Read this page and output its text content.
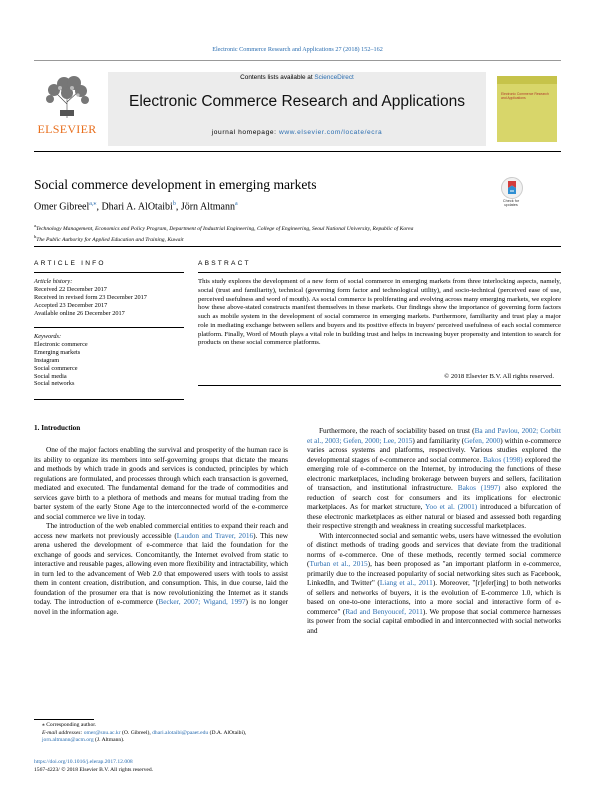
Electronic Commerce Research and Applications 27 (2018) 152–162
ELSEVIER
Contents lists available at ScienceDirect
Electronic Commerce Research and Applications
journal homepage: www.elsevier.com/locate/ecra
Electronic Commerce Research and Applications
Social commerce development in emerging markets
Omer Gibreel$^{a,⁎}$, Dhari A. AlOtaibi$^b$, Jörn Altmann$^a$	Check for updates
$^a$Technology Management, Economics and Policy Program, Department of Industrial Engineering, College of Engineering, Seoul National University, Republic of Korea
$^b$The Public Authority for Applied Education and Training, Kuwait
ARTICLE INFO
Article history:
Received 22 December 2017
Received in revised form 23 December 2017
Accepted 23 December 2017
Available online 26 December 2017
Keywords:
Electronic commerce
Emerging markets
Instagram
Social commerce
Social media
Social networks
ABSTRACT
This study explores the development of a new form of social commerce in emerging markets from three interlocking aspects, namely, social (trust and familiarity), technical (governing form factor and technological utility), and socio-technical (perceived ease of use, perceived usefulness and word of mouth). As social commerce is proliferating and evolving across many emerging markets, we explore how these above-stated constructs manifest themselves in these markets. Our findings show the importance of governing form factors such as mobile system in the development of social commerce in emerging markets. Furthermore, familiarity and trust play a major role in mediating exchange between sellers and buyers and its positive effects in buyers' perceived usefulness of each social commerce platform. Finally, Word of Mouth plays a vital role in building trust and helps in increasing buyer propensity and intention to search for products on these social commerce platforms.
© 2018 Elsevier B.V. All rights reserved.
1. Introduction

One of the major factors enabling the survival and prosperity of the human race is its ability to organize its members into self-governing groups that dictate the means and methods by which trade in goods and services is conducted, principles by which regulations are formulated, and processes through which each transaction is governed, mediated and executed. The fundamental demand for the trade of commodities and services gave birth to a plethora of methods and means for mutual trading from the barter system of the early Stone Age to the interconnected world of the e-commerce and social commerce we live in today.

The introduction of the web enabled commercial entities to expand their reach and access new markets not previously accessible (Laudon and Traver, 2016). This new arena ushered the development of e-commerce that laid the foundation for the exchange of goods and services. Concomitantly, the Internet evolved from static to interactive and reusable pages, allowing even more flexibility and intractability, which in turn led to the advancement of Web 2.0 that empowered users with tools to assist them in content creation, distribution, and consumption. This, in due course, laid the foundation of the prosumer era that is now revolutionizing the Internet as it stands today. The introduction of e-commerce (Becker, 2007; Wigand, 1997) is no longer novel in the information age.

Furthermore, the reach of sociability based on trust (Ba and Pavlou, 2002; Corbitt et al., 2003; Gefen, 2000; Lee, 2015) and familiarity (Gefen, 2000) within e-commerce varies across systems and platforms, respectively. Various studies explored the developmental stages of e-commerce and social commerce. Bakos (1998) explored the emerging role of e-commerce on the Internet, by introducing the functions of these electronic marketplaces, including brokerage between buyers and sellers, facilitation of transaction, and institutional infrastructure. Bakos (1997) also explored the reduction of search cost for consumers and its implications for electronic marketplaces. As for market structure, Yoo et al. (2001) introduced a bifurcation of these electronic marketplaces as either natural or biased and assessed both regarding their respective strength and weakness in creating successful marketplaces.

With interconnected social and semantic webs, users have witnessed the evolution of distinct methods of trading goods and services that deviate from the traditional norms of e-commerce. One of these methods, recently termed social commerce (Turban et al., 2015), has been proposed as "an important platform in e-commerce, primarily due to the increased popularity of social networking sites such as Facebook, LinkedIn, and Twitter" (Liang et al., 2011). Moreover, "[r]efer[ing] to both networks of sellers and networks of buyers, it is the evolution of E-commerce 1.0, which is based on one-to-one interactions, into a more social and interactive form of e-commerce" (Rad and Benyoucef, 2011). We propose that social commerce harnesses its power from the social capital embodied in and interconnected with social networks and

⁎ Corresponding author.
E-mail addresses: omer@snu.ac.kr (O. Gibreel), dhari.alotaibi@paaet.edu (D.A. AlOtaibi), jorn.altmann@acm.org (J. Altmann).
https://doi.org/10.1016/j.elerap.2017.12.008
1567-4223/ © 2018 Elsevier B.V. All rights reserved.
